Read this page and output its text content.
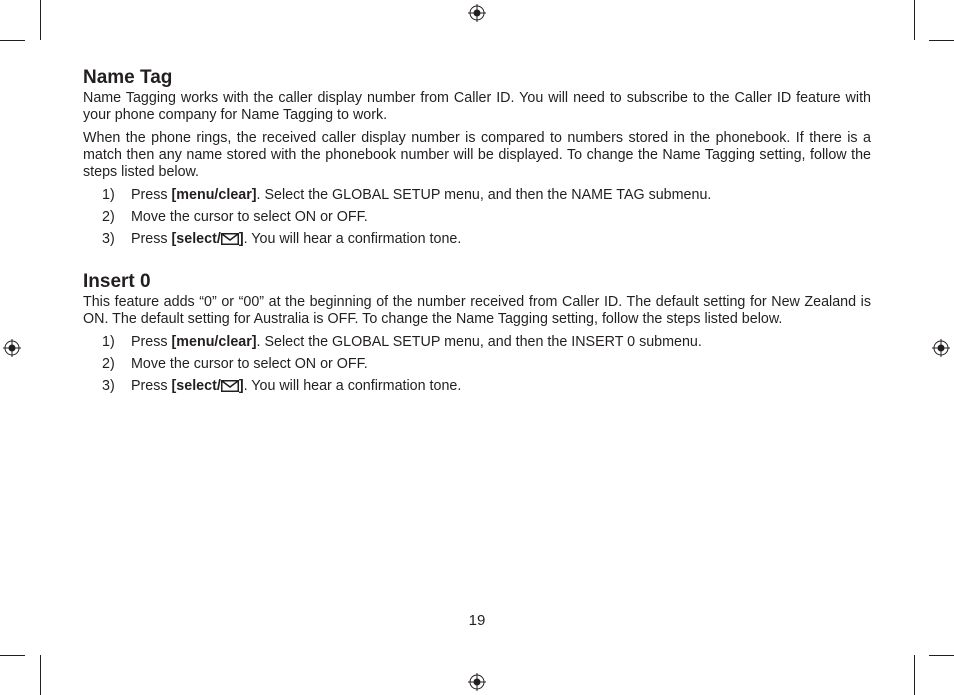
Name Tag

Name Tagging works with the caller display number from Caller ID. You will need to subscribe to the Caller ID feature with your phone company for Name Tagging to work.

When the phone rings, the received caller display number is compared to numbers stored in the phonebook. If there is a match then any name stored with the phonebook number will be displayed. To change the Name Tagging setting, follow the steps listed below.

1) Press [menu/clear]. Select the GLOBAL SETUP menu, and then the NAME TAG submenu.
2) Move the cursor to select ON or OFF.
3) Press [select/ ]. You will hear a confirmation tone.
Insert 0

This feature adds “0” or “00” at the beginning of the number received from Caller ID. The default setting for New Zealand is ON. The default setting for Australia is OFF. To change the Name Tagging setting, follow the steps listed below.

1) Press [menu/clear]. Select the GLOBAL SETUP menu, and then the INSERT 0 submenu.
2) Move the cursor to select ON or OFF.
3) Press [select/ ]. You will hear a confirmation tone.
19
